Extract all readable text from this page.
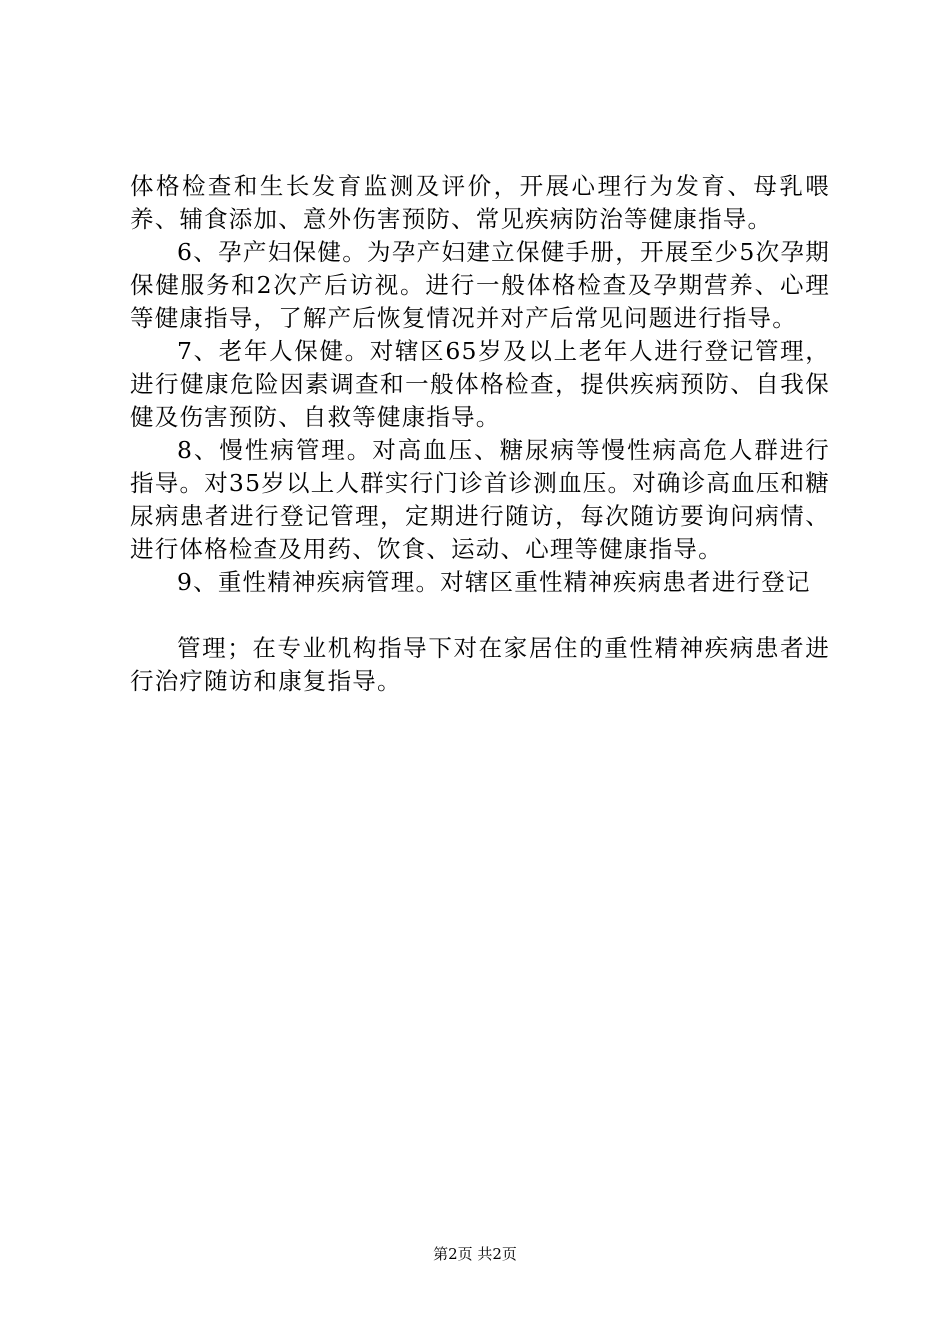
体格检查和生长发育监测及评价，开展心理行为发育、母乳喂养、辅食添加、意外伤害预防、常见疾病防治等健康指导。

6、孕产妇保健。为孕产妇建立保健手册，开展至少5次孕期保健服务和2次产后访视。进行一般体格检查及孕期营养、心理等健康指导，了解产后恢复情况并对产后常见问题进行指导。

7、老年人保健。对辖区65岁及以上老年人进行登记管理，进行健康危险因素调查和一般体格检查，提供疾病预防、自我保健及伤害预防、自救等健康指导。

8、慢性病管理。对高血压、糖尿病等慢性病高危人群进行指导。对35岁以上人群实行门诊首诊测血压。对确诊高血压和糖尿病患者进行登记管理，定期进行随访，每次随访要询问病情、进行体格检查及用药、饮食、运动、心理等健康指导。

9、重性精神疾病管理。对辖区重性精神疾病患者进行登记

管理；在专业机构指导下对在家居住的重性精神疾病患者进行治疗随访和康复指导。

第2页 共2页
